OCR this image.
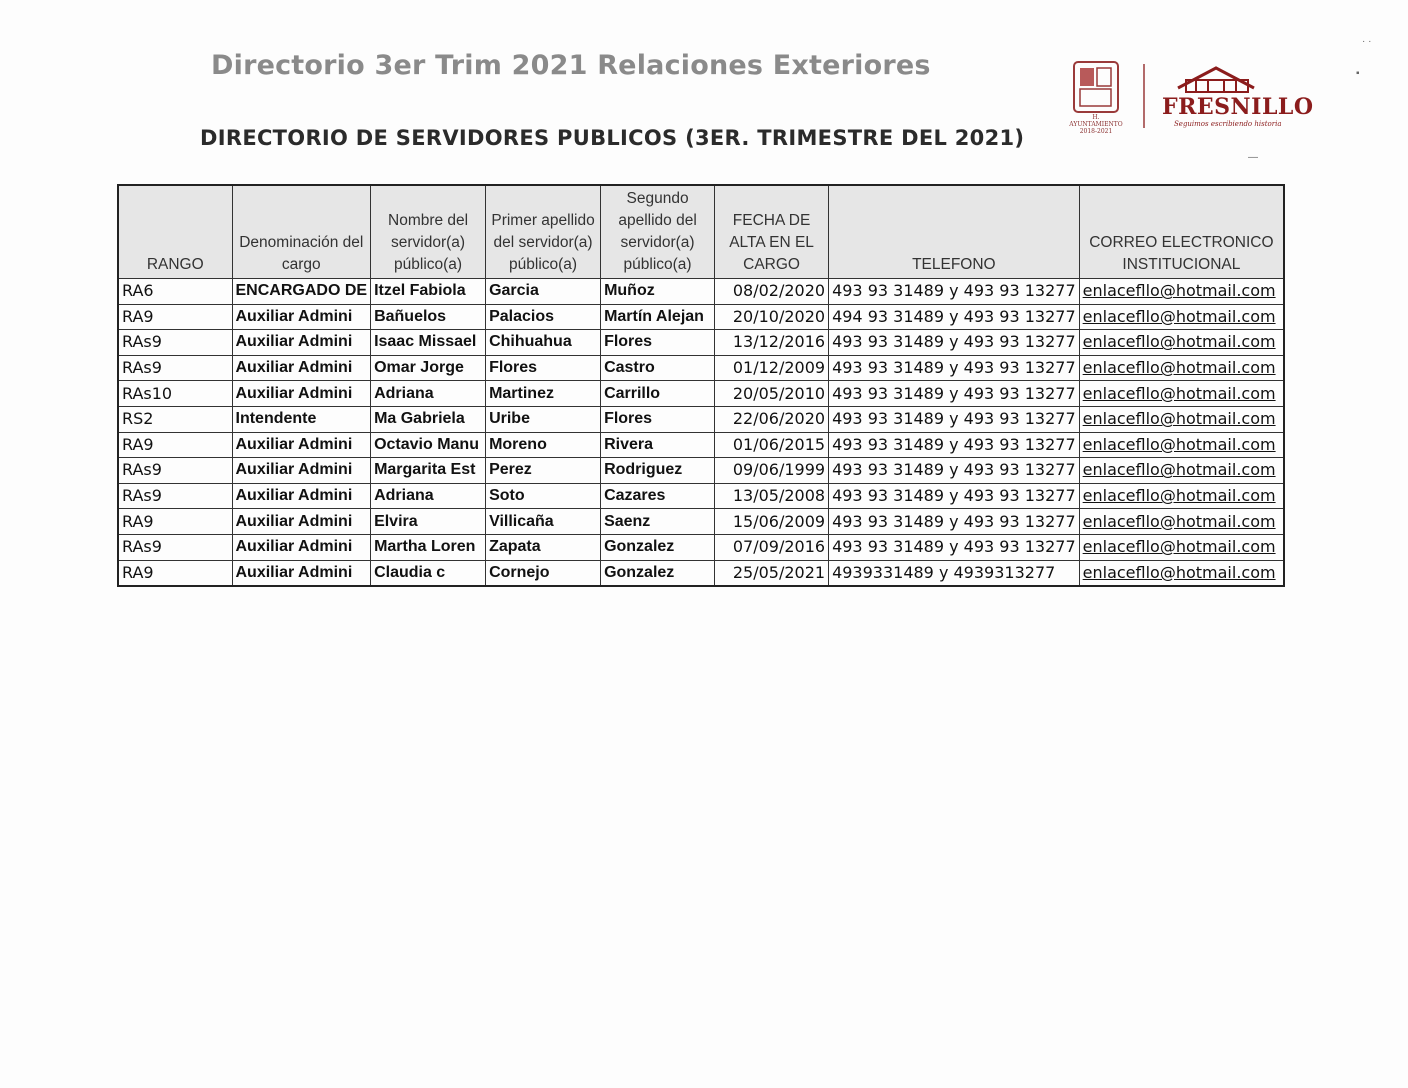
Directorio 3er Trim 2021 Relaciones Exteriores
H. AYUNTAMIENTO
2018-2021
FRESNILLO
Seguimos escribiendo historia
DIRECTORIO DE SERVIDORES PUBLICOS (3ER. TRIMESTRE DEL 2021)
RANGO	Denominación del cargo	Nombre del servidor(a) público(a)	Primer apellido del servidor(a) público(a)	Segundo apellido del servidor(a) público(a)	FECHA DE ALTA EN EL CARGO	TELEFONO	CORREO ELECTRONICO INSTITUCIONAL
RA6	ENCARGADO DE	Itzel Fabiola	Garcia	Muñoz	08/02/2020	493 93 31489 y 493 93 13277	enlacefllo@hotmail.com
RA9	Auxiliar Admini	Bañuelos	Palacios	Martín Alejan	20/10/2020	494 93 31489 y 493 93 13277	enlacefllo@hotmail.com
RAs9	Auxiliar Admini	Isaac Missael	Chihuahua	Flores	13/12/2016	493 93 31489 y 493 93 13277	enlacefllo@hotmail.com
RAs9	Auxiliar Admini	Omar Jorge	Flores	Castro	01/12/2009	493 93 31489 y 493 93 13277	enlacefllo@hotmail.com
RAs10	Auxiliar Admini	Adriana	Martinez	Carrillo	20/05/2010	493 93 31489 y 493 93 13277	enlacefllo@hotmail.com
RS2	Intendente	Ma Gabriela	Uribe	Flores	22/06/2020	493 93 31489 y 493 93 13277	enlacefllo@hotmail.com
RA9	Auxiliar Admini	Octavio Manu	Moreno	Rivera	01/06/2015	493 93 31489 y 493 93 13277	enlacefllo@hotmail.com
RAs9	Auxiliar Admini	Margarita Est	Perez	Rodriguez	09/06/1999	493 93 31489 y 493 93 13277	enlacefllo@hotmail.com
RAs9	Auxiliar Admini	Adriana	Soto	Cazares	13/05/2008	493 93 31489 y 493 93 13277	enlacefllo@hotmail.com
RA9	Auxiliar Admini	Elvira	Villicaña	Saenz	15/06/2009	493 93 31489 y 493 93 13277	enlacefllo@hotmail.com
RAs9	Auxiliar Admini	Martha Loren	Zapata	Gonzalez	07/09/2016	493 93 31489 y 493 93 13277	enlacefllo@hotmail.com
RA9	Auxiliar Admini	Claudia c	Cornejo	Gonzalez	25/05/2021	4939331489 y 4939313277	enlacefllo@hotmail.com
· ·
▪
—
